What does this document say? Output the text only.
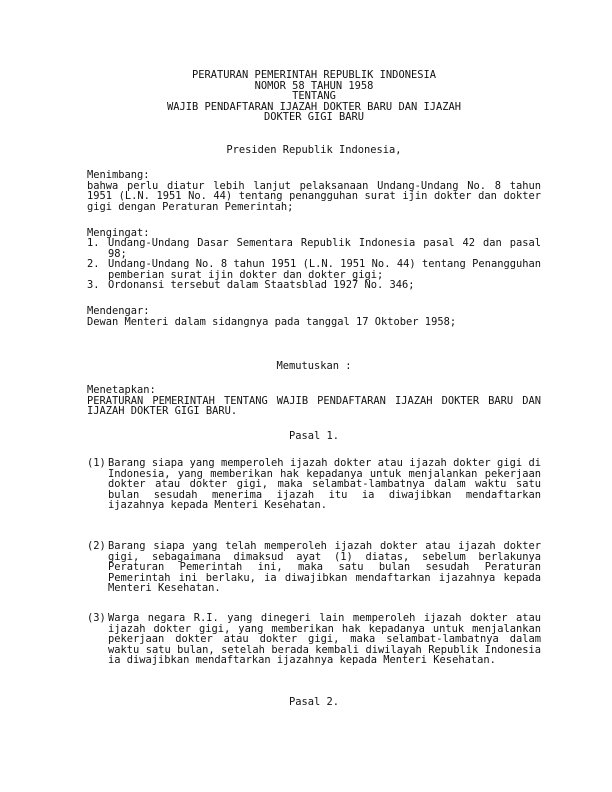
PERATURAN PEMERINTAH REPUBLIK INDONESIA
NOMOR 58 TAHUN 1958
TENTANG
WAJIB PENDAFTARAN IJAZAH DOKTER BARU DAN IJAZAH
DOKTER GIGI BARU
Presiden Republik Indonesia,
Menimbang:
bahwa perlu diatur lebih lanjut pelaksanaan Undang-Undang No. 8 tahun 1951 (L.N. 1951 No. 44) tentang penangguhan surat ijin dokter dan dokter gigi dengan Peraturan Pemerintah;
Mengingat:
1. Undang-Undang Dasar Sementara Republik Indonesia pasal 42 dan pasal 98;
2. Undang-Undang No. 8 tahun 1951 (L.N. 1951 No. 44) tentang Penangguhan pemberian surat ijin dokter dan dokter gigi;
3. Ordonansi tersebut dalam Staatsblad 1927 No. 346;
Mendengar:
Dewan Menteri dalam sidangnya pada tanggal 17 Oktober 1958;
Memutuskan :
Menetapkan:
PERATURAN PEMERINTAH TENTANG WAJIB PENDAFTARAN IJAZAH DOKTER BARU DAN IJAZAH DOKTER GIGI BARU.
Pasal 1.
(1) Barang siapa yang memperoleh ijazah dokter atau ijazah dokter gigi di Indonesia, yang memberikan hak kepadanya untuk menjalankan pekerjaan dokter atau dokter gigi, maka selambat-lambatnya dalam waktu satu bulan sesudah menerima ijazah itu ia diwajibkan mendaftarkan ijazahnya kepada Menteri Kesehatan.
(2) Barang siapa yang telah memperoleh ijazah dokter atau ijazah dokter gigi, sebagaimana dimaksud ayat (1) diatas, sebelum berlakunya Peraturan Pemerintah ini, maka satu bulan sesudah Peraturan Pemerintah ini berlaku, ia diwajibkan mendaftarkan ijazahnya kepada Menteri Kesehatan.
(3) Warga negara R.I. yang dinegeri lain memperoleh ijazah dokter atau ijazah dokter gigi, yang memberikan hak kepadanya untuk menjalankan pekerjaan dokter atau dokter gigi, maka selambat-lambatnya dalam waktu satu bulan, setelah berada kembali diwilayah Republik Indonesia ia diwajibkan mendaftarkan ijazahnya kepada Menteri Kesehatan.
Pasal 2.
